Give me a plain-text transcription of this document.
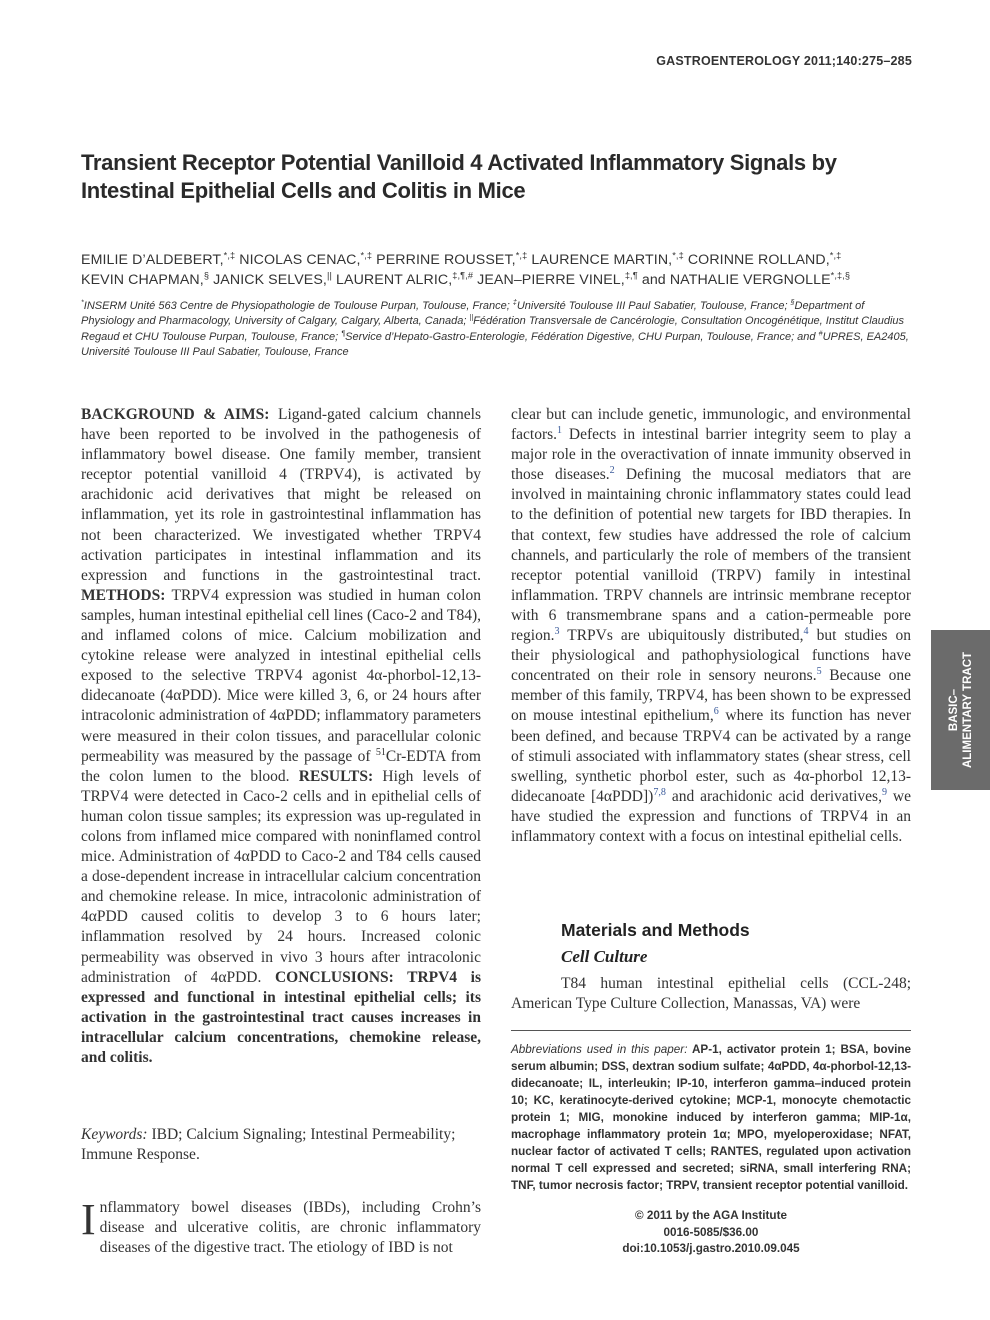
GASTROENTEROLOGY 2011;140:275–285
Transient Receptor Potential Vanilloid 4 Activated Inflammatory Signals by Intestinal Epithelial Cells and Colitis in Mice
EMILIE D’ALDEBERT,*,‡ NICOLAS CENAC,*,‡ PERRINE ROUSSET,*,‡ LAURENCE MARTIN,*,‡ CORINNE ROLLAND,*,‡
KEVIN CHAPMAN,§ JANICK SELVES,|| LAURENT ALRIC,‡,¶,# JEAN–PIERRE VINEL,‡,¶ and NATHALIE VERGNOLLE*,‡,§
*INSERM Unité 563 Centre de Physiopathologie de Toulouse Purpan, Toulouse, France; ‡Université Toulouse III Paul Sabatier, Toulouse, France; §Department of Physiology and Pharmacology, University of Calgary, Calgary, Alberta, Canada; ||Fédération Transversale de Cancérologie, Consultation Oncogénétique, Institut Claudius Regaud et CHU Toulouse Purpan, Toulouse, France; ¶Service d’Hepato-Gastro-Enterologie, Fédération Digestive, CHU Purpan, Toulouse, France; and #UPRES, EA2405, Université Toulouse III Paul Sabatier, Toulouse, France
BACKGROUND & AIMS: Ligand-gated calcium channels have been reported to be involved in the pathogenesis of inflammatory bowel disease. One family member, transient receptor potential vanilloid 4 (TRPV4), is activated by arachidonic acid derivatives that might be released on inflammation, yet its role in gastrointestinal inflammation has not been characterized. We investigated whether TRPV4 activation participates in intestinal inflammation and its expression and functions in the gastrointestinal tract. METHODS: TRPV4 expression was studied in human colon samples, human intestinal epithelial cell lines (Caco-2 and T84), and inflamed colons of mice. Calcium mobilization and cytokine release were analyzed in intestinal epithelial cells exposed to the selective TRPV4 agonist 4α-phorbol-12,13-didecanoate (4αPDD). Mice were killed 3, 6, or 24 hours after intracolonic administration of 4αPDD; inflammatory parameters were measured in their colon tissues, and paracellular colonic permeability was measured by the passage of $^{51}$Cr-EDTA from the colon lumen to the blood. RESULTS: High levels of TRPV4 were detected in Caco-2 cells and in epithelial cells of human colon tissue samples; its expression was up-regulated in colons from inflamed mice compared with noninflamed control mice. Administration of 4αPDD to Caco-2 and T84 cells caused a dose-dependent increase in intracellular calcium concentration and chemokine release. In mice, intracolonic administration of 4αPDD caused colitis to develop 3 to 6 hours later; inflammation resolved by 24 hours. Increased colonic permeability was observed in vivo 3 hours after intracolonic administration of 4αPDD. CONCLUSIONS: TRPV4 is expressed and functional in intestinal epithelial cells; its activation in the gastrointestinal tract causes increases in intracellular calcium concentrations, chemokine release, and colitis.
Keywords: IBD; Calcium Signaling; Intestinal Permeability; Immune Response.
Inflammatory bowel diseases (IBDs), including Crohn’s disease and ulcerative colitis, are chronic inflammatory diseases of the digestive tract. The etiology of IBD is not
clear but can include genetic, immunologic, and environmental factors.$^1$ Defects in intestinal barrier integrity seem to play a major role in the overactivation of innate immunity observed in those diseases.$^2$ Defining the mucosal mediators that are involved in maintaining chronic inflammatory states could lead to the definition of potential new targets for IBD therapies. In that context, few studies have addressed the role of calcium channels, and particularly the role of members of the transient receptor potential vanilloid (TRPV) family in intestinal inflammation. TRPV channels are intrinsic membrane receptor with 6 transmembrane spans and a cation-permeable pore region.$^3$ TRPVs are ubiquitously distributed,$^4$ but studies on their physiological and pathophysiological functions have concentrated on their role in sensory neurons.$^5$ Because one member of this family, TRPV4, has been shown to be expressed on mouse intestinal epithelium,$^6$ where its function has never been defined, and because TRPV4 can be activated by a range of stimuli associated with inflammatory states (shear stress, cell swelling, synthetic phorbol ester, such as 4α-phorbol 12,13-didecanoate [4αPDD])$^{7,8}$ and arachidonic acid derivatives,$^9$ we have studied the expression and functions of TRPV4 in an inflammatory context with a focus on intestinal epithelial cells.
Materials and Methods
Cell Culture
T84 human intestinal epithelial cells (CCL-248; American Type Culture Collection, Manassas, VA) were
Abbreviations used in this paper: AP-1, activator protein 1; BSA, bovine serum albumin; DSS, dextran sodium sulfate; 4αPDD, 4α-phorbol-12,13-didecanoate; IL, interleukin; IP-10, interferon gamma–induced protein 10; KC, keratinocyte-derived cytokine; MCP-1, monocyte chemotactic protein 1; MIG, monokine induced by interferon gamma; MIP-1α, macrophage inflammatory protein 1α; MPO, myeloperoxidase; NFAT, nuclear factor of activated T cells; RANTES, regulated upon activation normal T cell expressed and secreted; siRNA, small interfering RNA; TNF, tumor necrosis factor; TRPV, transient receptor potential vanilloid.
© 2011 by the AGA Institute
0016-5085/$36.00
doi:10.1053/j.gastro.2010.09.045
BASIC– ALIMENTARY TRACT
